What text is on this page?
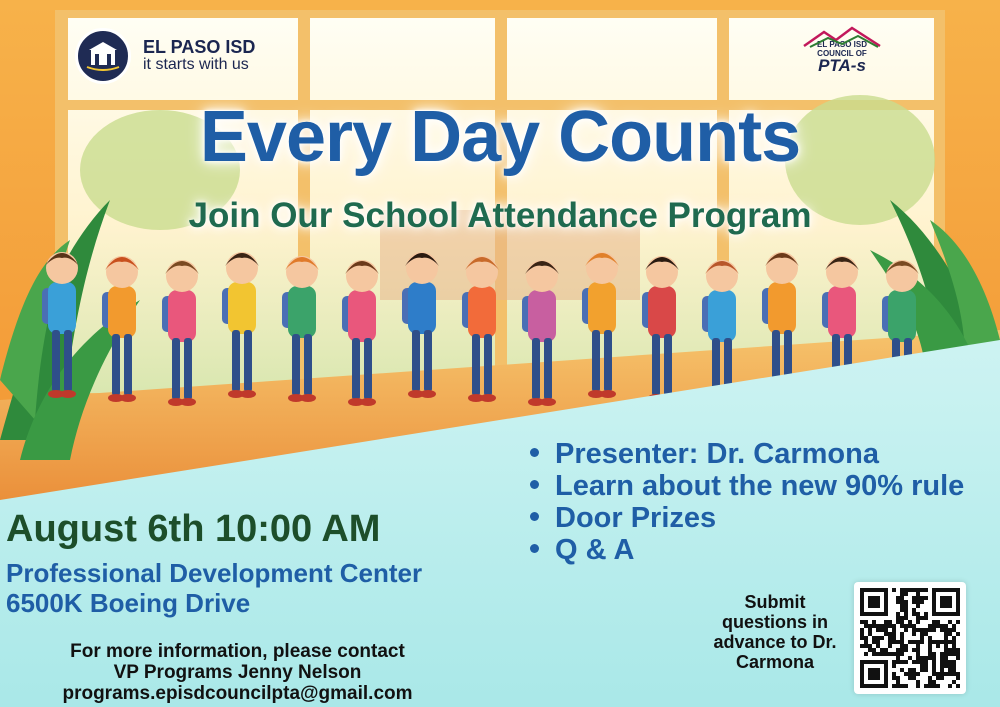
EL PASO ISD
it starts with us
EL PASO ISD
COUNCIL OF
PTA-s
Every Day Counts
Join Our School Attendance Program
Presenter: Dr. Carmona
Learn about the new 90% rule
Door Prizes
Q & A
August 6th 10:00 AM
Professional Development Center
6500K Boeing Drive
For more information, please contact
VP Programs Jenny Nelson
programs.episdcouncilpta@gmail.com
Submit questions in advance to Dr. Carmona
